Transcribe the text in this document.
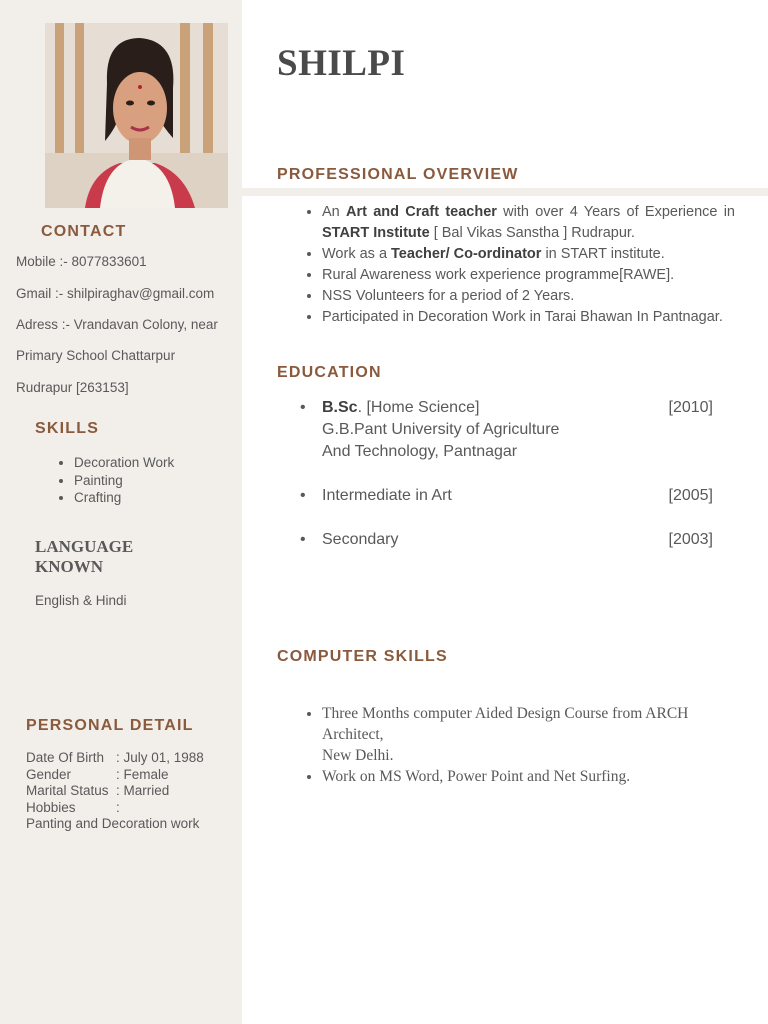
SHILPI
CONTACT

Mobile :- 8077833601

Gmail :- shilpiraghav@gmail.com

Adress :- Vrandavan Colony, near

Primary School Chattarpur

Rudrapur [263153]

SKILLS
• Decoration Work
• Painting
• Crafting
LANGUAGE
KNOWN

English & Hindi

PERSONAL DETAIL
Date Of Birth : July 01, 1988
Gender	: Female
Marital Status : Married
Hobbies	:
Panting and Decoration work
PROFESSIONAL OVERVIEW
• An Art and Craft teacher with over 4 Years of Experience in START Institute [ Bal Vikas Sanstha ] Rudrapur.
• Work as a Teacher/ Co-ordinator in START institute.
• Rural Awareness work experience programme[RAWE].
• NSS Volunteers for a period of 2 Years.
• Participated in Decoration Work in Tarai Bhawan In Pantnagar.
EDUCATION
• B.Sc. [Home Science]
G.B.Pant University of Agriculture
And Technology, Pantnagar
[2010]
• Intermediate in Art	[2005]
• Secondary	[2003]
COMPUTER SKILLS
• Three Months computer Aided Design Course from ARCH Architect,
New Delhi.
• Work on MS Word, Power Point and Net Surfing.
